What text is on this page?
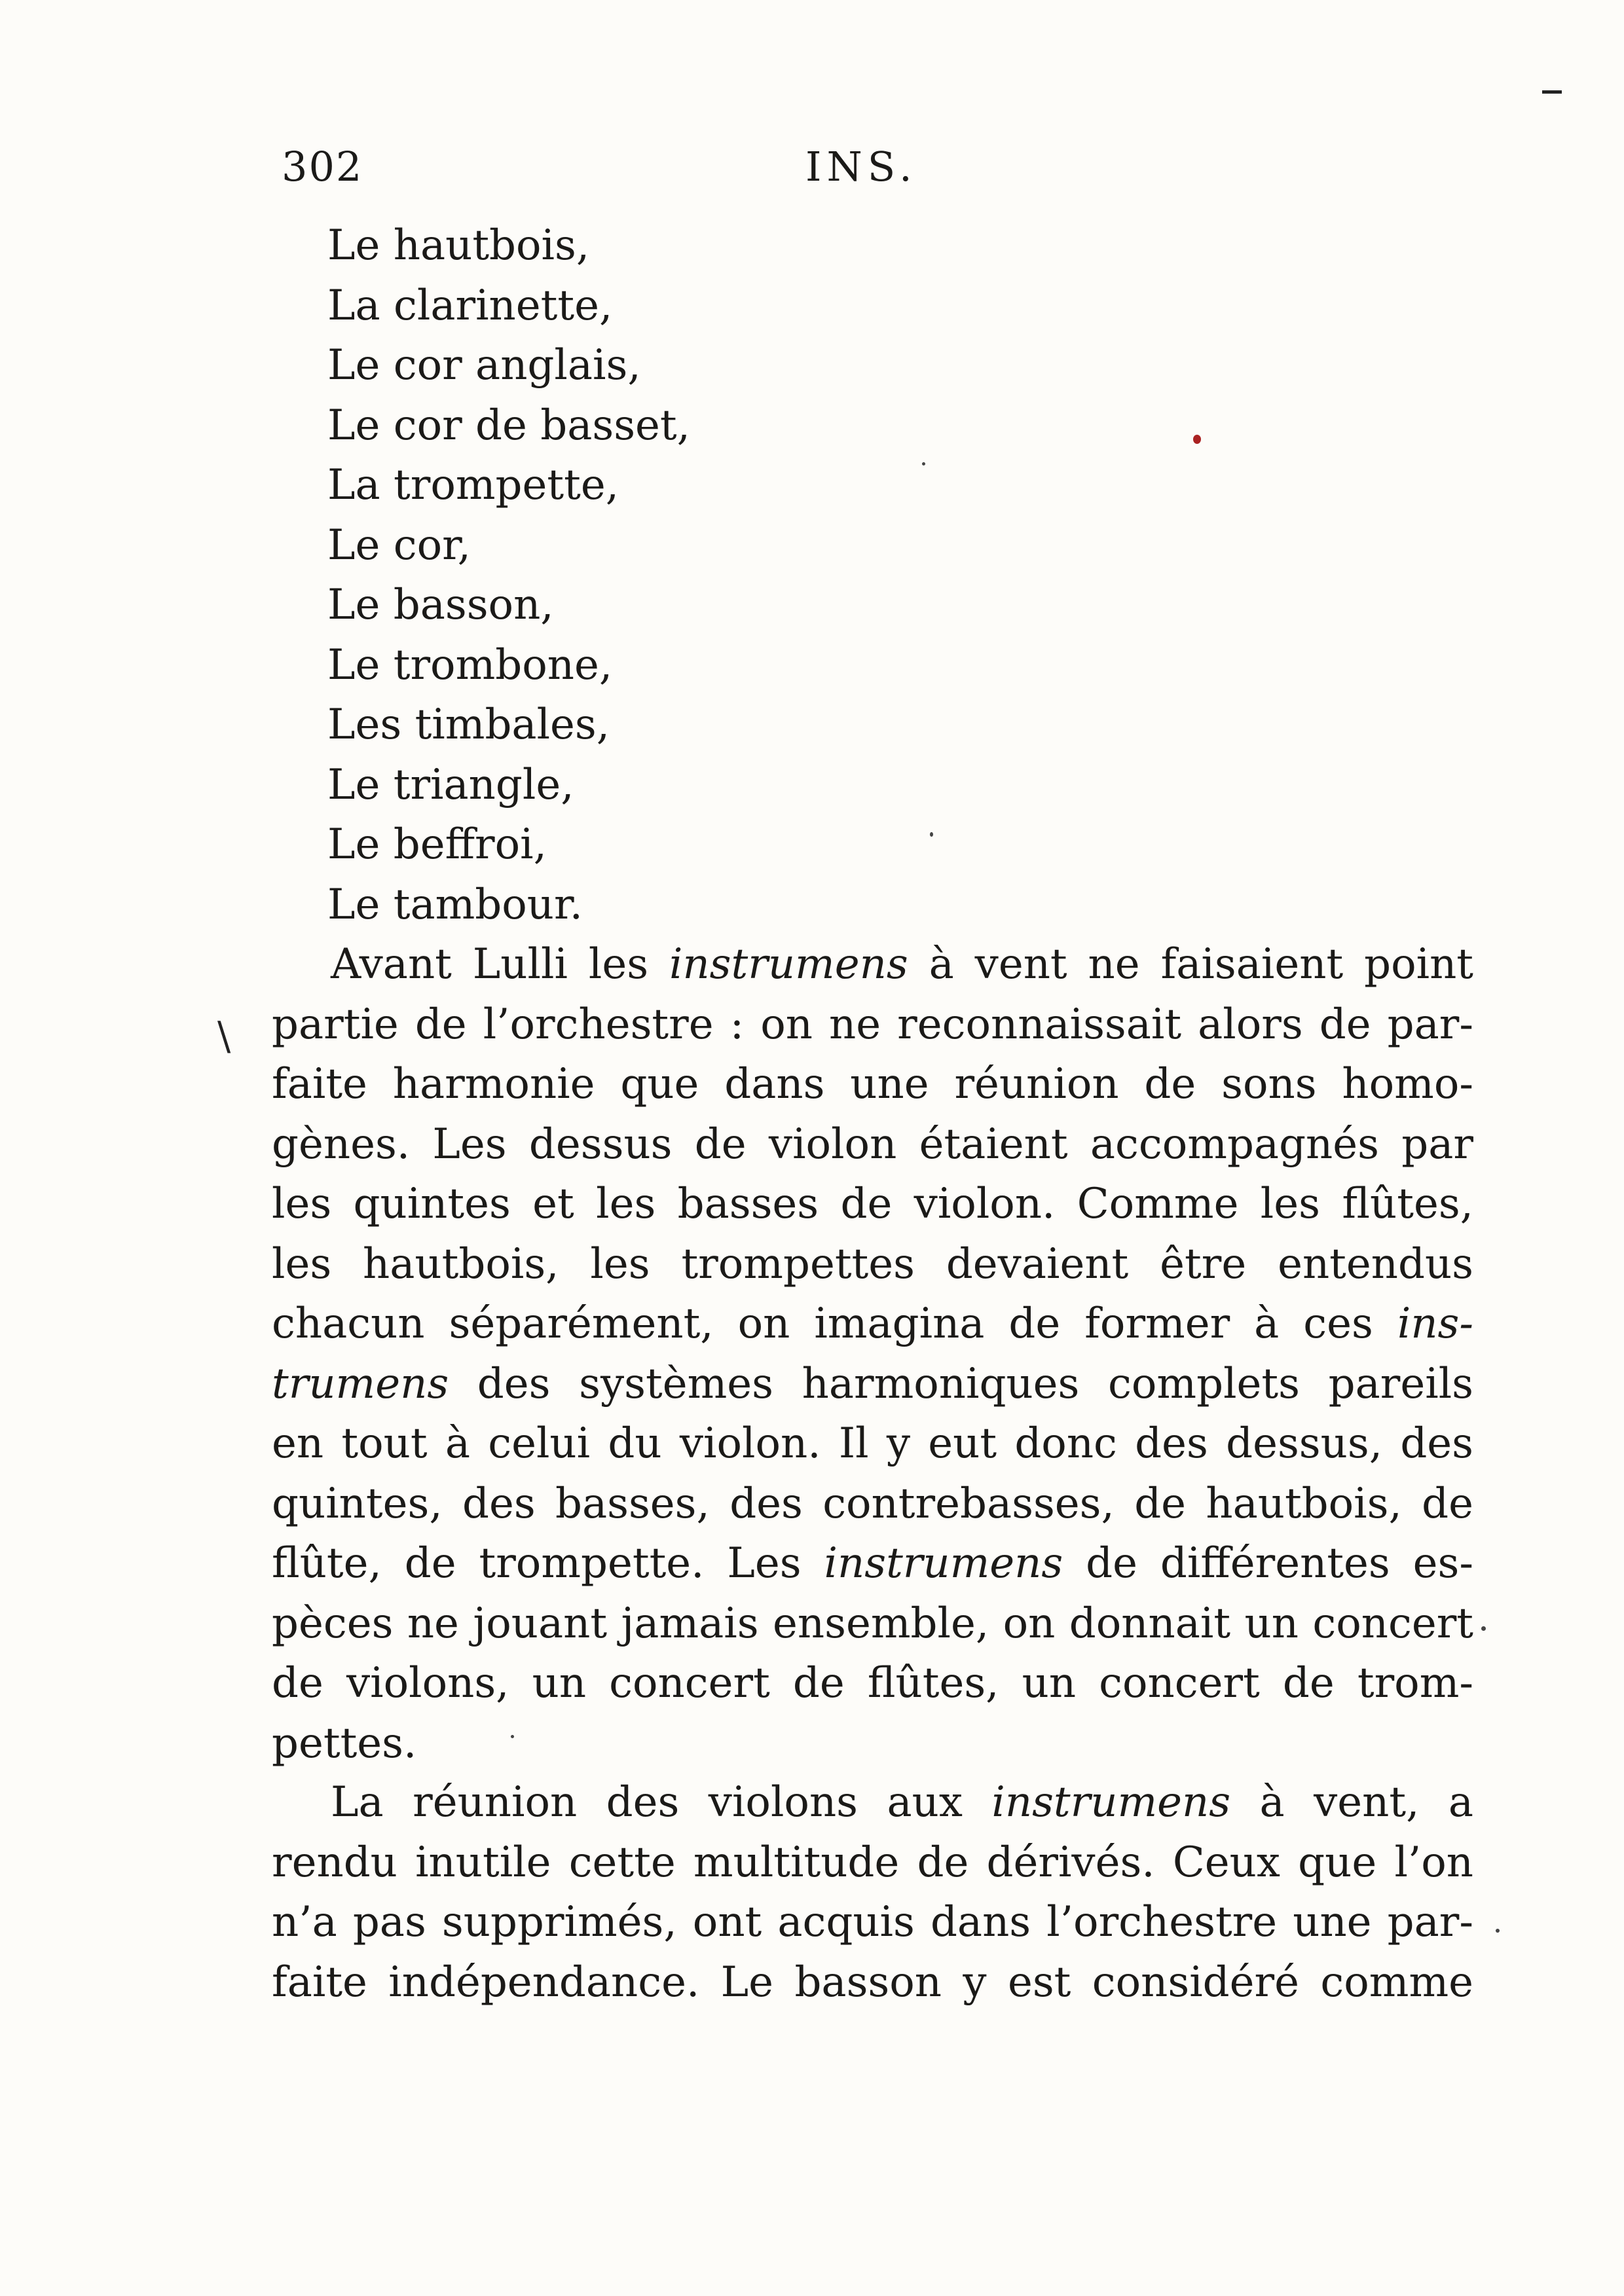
302	INS.
Le hautbois,
La clarinette,
Le cor anglais,
Le cor de basset,
La trompette,
Le cor,
Le basson,
Le trombone,
Les timbales,
Le triangle,
Le beffroi,
Le tambour.
\
Avant Lulli les instrumens à vent ne faisaient point
partie de l’orchestre : on ne reconnaissait alors de par-
faite harmonie que dans une réunion de sons homo-
gènes. Les dessus de violon étaient accompagnés par
les quintes et les basses de violon. Comme les flûtes,
les hautbois, les trompettes devaient être entendus
chacun séparément, on imagina de former à ces ins-
trumens des systèmes harmoniques complets pareils
en tout à celui du violon. Il y eut donc des dessus, des
quintes, des basses, des contrebasses, de hautbois, de
flûte, de trompette. Les instrumens de différentes es-
pèces ne jouant jamais ensemble, on donnait un concert
de violons, un concert de flûtes, un concert de trom-
pettes.
La réunion des violons aux instrumens à vent, a
rendu inutile cette multitude de dérivés. Ceux que l’on
n’a pas supprimés, ont acquis dans l’orchestre une par-
faite indépendance. Le basson y est considéré comme
